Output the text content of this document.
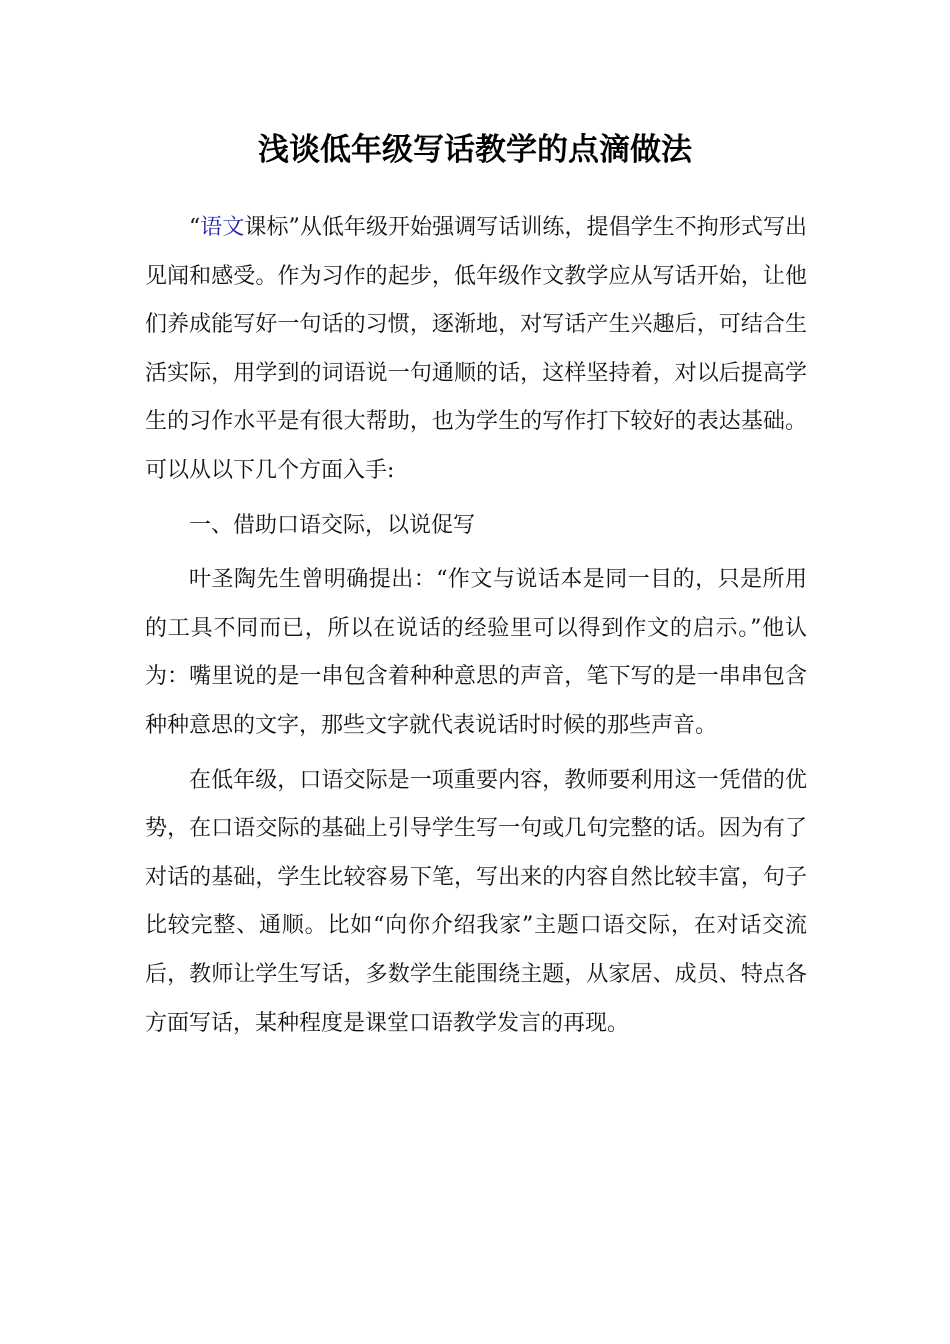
浅谈低年级写话教学的点滴做法

“语文课标”从低年级开始强调写话训练，提倡学生不拘形式写出见闻和感受。作为习作的起步，低年级作文教学应从写话开始，让他们养成能写好一句话的习惯，逐渐地，对写话产生兴趣后，可结合生活实际，用学到的词语说一句通顺的话，这样坚持着，对以后提高学生的习作水平是有很大帮助，也为学生的写作打下较好的表达基础。可以从以下几个方面入手:

一、借助口语交际，以说促写

叶圣陶先生曾明确提出：“作文与说话本是同一目的，只是所用的工具不同而已，所以在说话的经验里可以得到作文的启示。”他认为：嘴里说的是一串包含着种种意思的声音，笔下写的是一串串包含种种意思的文字，那些文字就代表说话时时候的那些声音。

在低年级，口语交际是一项重要内容，教师要利用这一凭借的优势，在口语交际的基础上引导学生写一句或几句完整的话。因为有了对话的基础，学生比较容易下笔，写出来的内容自然比较丰富，句子比较完整、通顺。比如“向你介绍我家”主题口语交际，在对话交流后，教师让学生写话，多数学生能围绕主题，从家居、成员、特点各方面写话，某种程度是课堂口语教学发言的再现。
